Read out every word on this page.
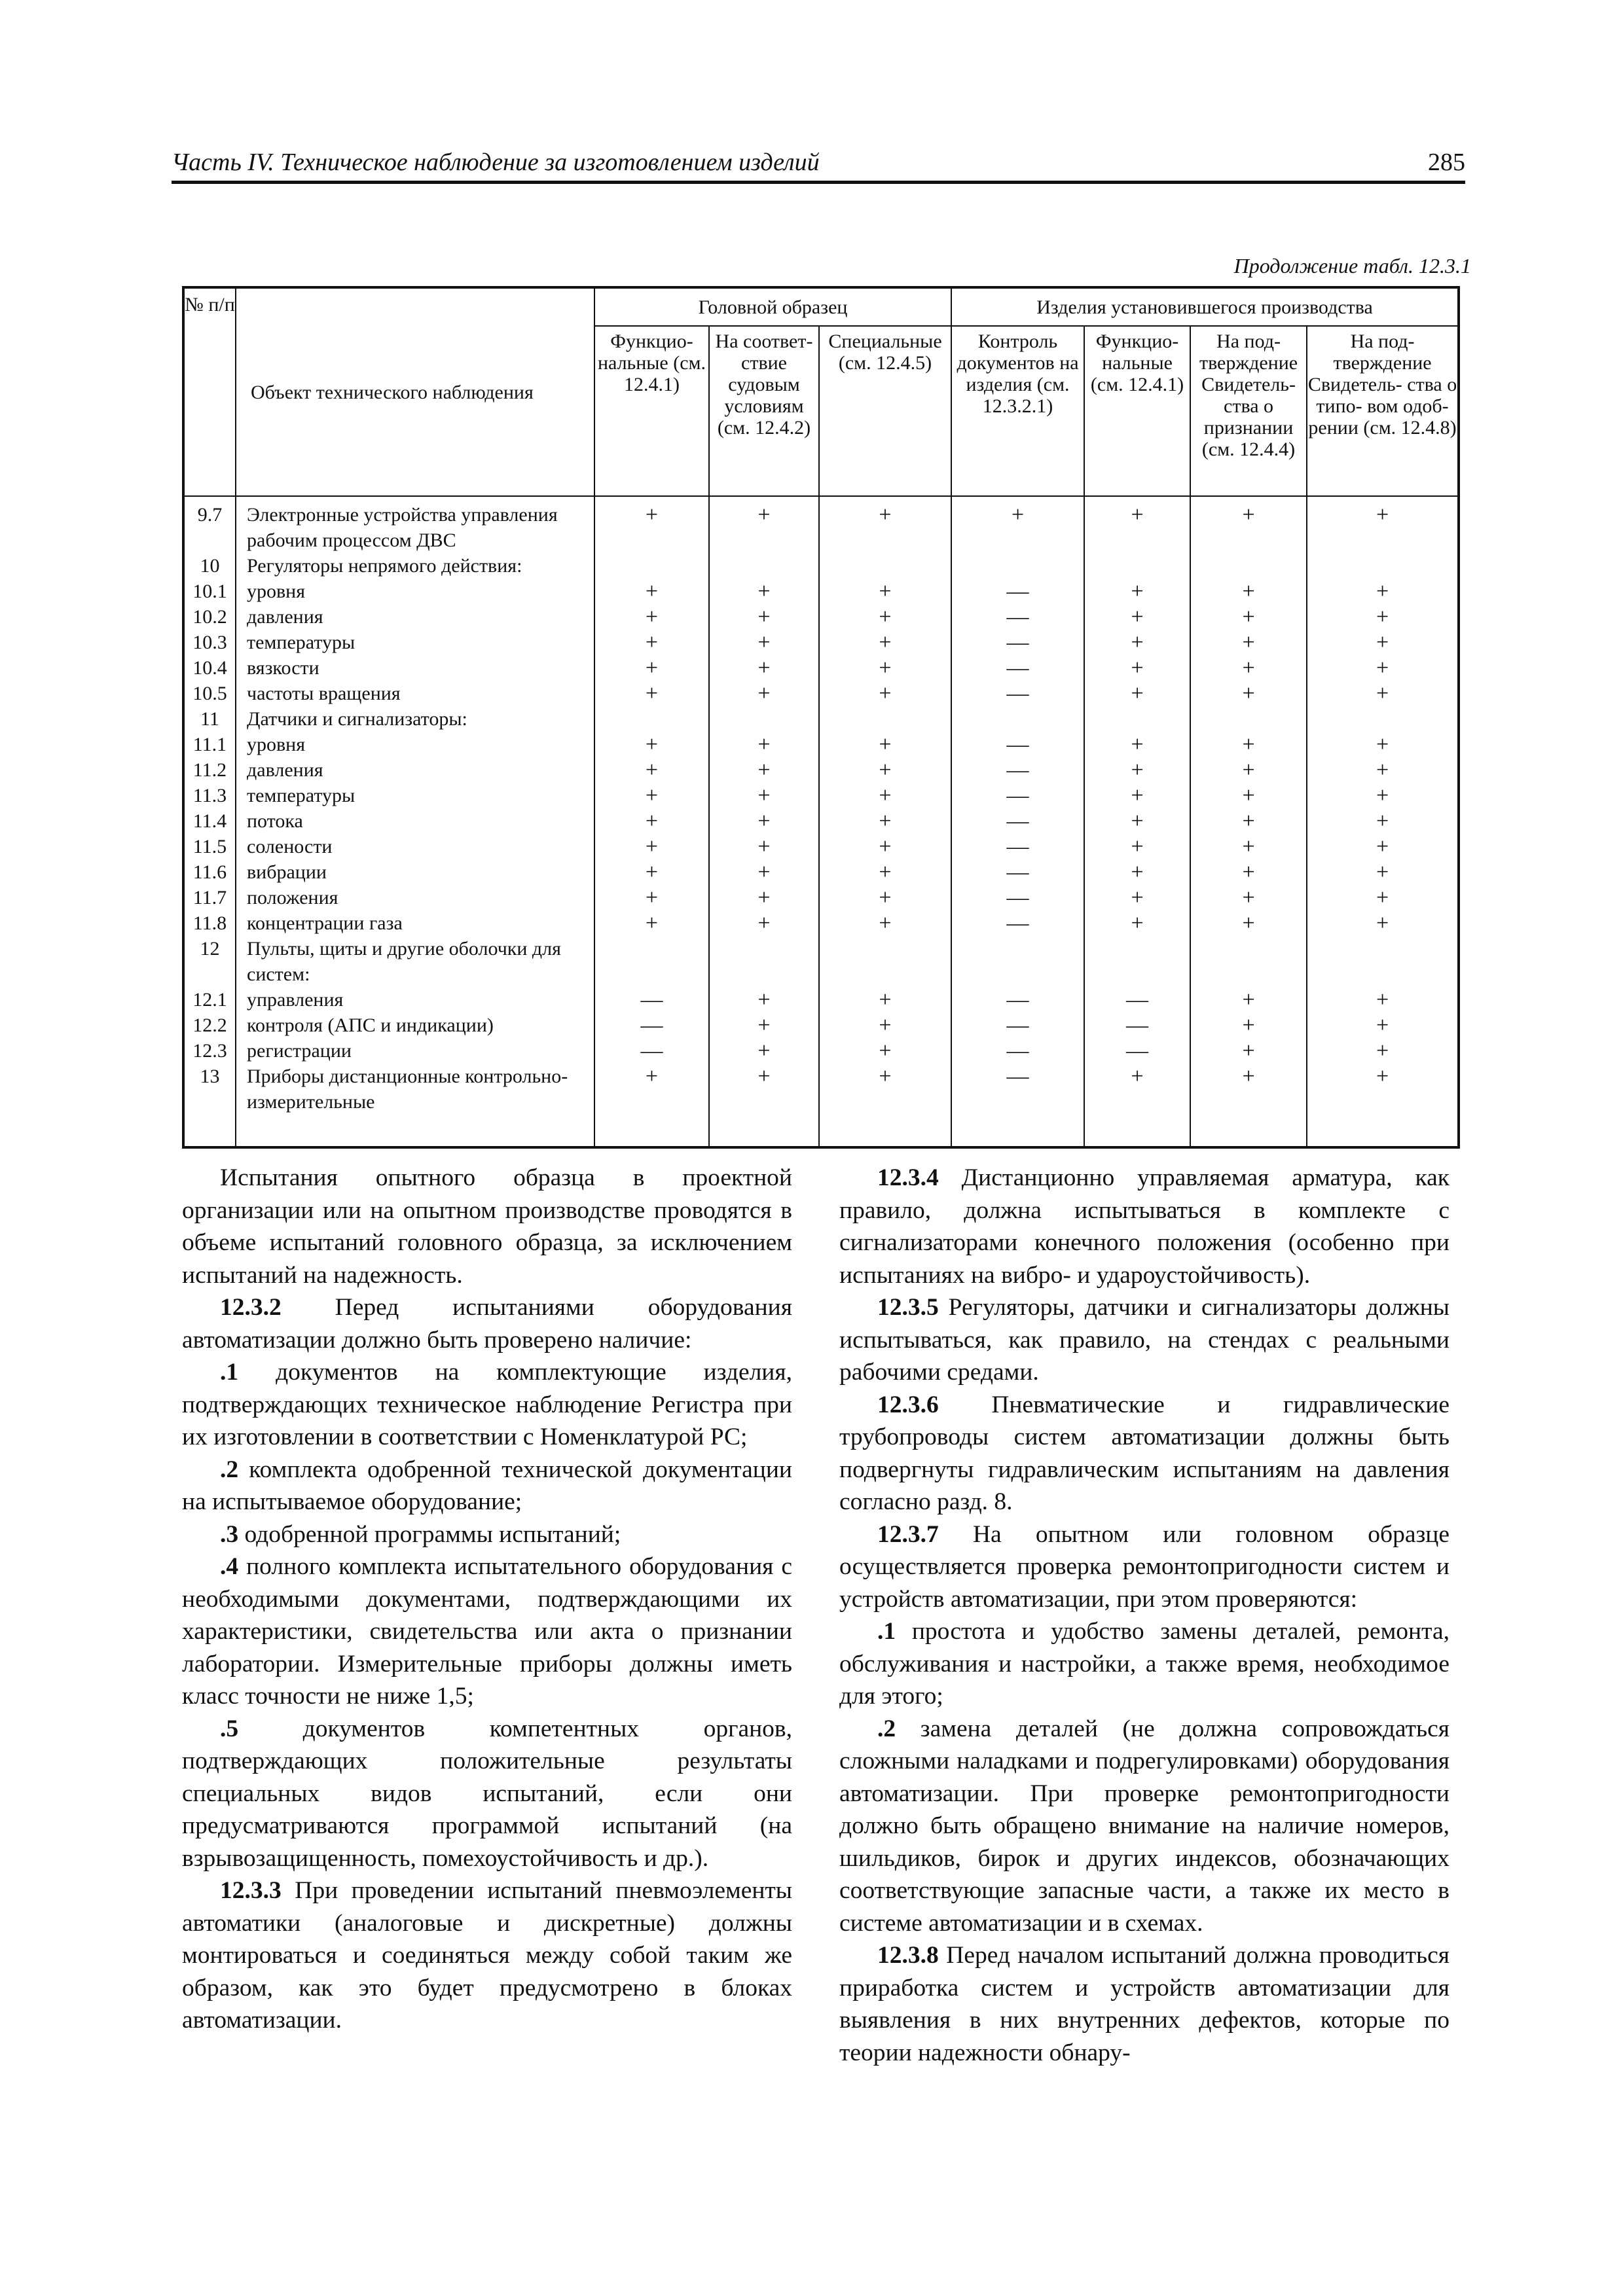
Часть IV. Техническое наблюдение за изготовлением изделий	285
Продолжение табл. 12.3.1
№ п/п	Объект технического наблюдения	Головной образец			Изделия установившегося производства			
		Функцио- нальные (см. 12.4.1)	На соответ- ствие судовым условиям (см. 12.4.2)	Специальные (см. 12.4.5)	Контроль документов на изделия (см. 12.3.2.1)	Функцио- нальные (см. 12.4.1)	На под- тверждение Свидетель- ства о признании (см. 12.4.4)	На под- тверждение Свидетель- ства о типо- вом одоб- рении (см. 12.4.8)
9.7	Электронные устройства управления рабочим процессом ДВС	+	+	+	+	+	+	+
10	Регуляторы непрямого действия:							
10.1	уровня	+	+	+	—	+	+	+
10.2	давления	+	+	+	—	+	+	+
10.3	температуры	+	+	+	—	+	+	+
10.4	вязкости	+	+	+	—	+	+	+
10.5	частоты вращения	+	+	+	—	+	+	+
11	Датчики и сигнализаторы:							
11.1	уровня	+	+	+	—	+	+	+
11.2	давления	+	+	+	—	+	+	+
11.3	температуры	+	+	+	—	+	+	+
11.4	потока	+	+	+	—	+	+	+
11.5	солености	+	+	+	—	+	+	+
11.6	вибрации	+	+	+	—	+	+	+
11.7	положения	+	+	+	—	+	+	+
11.8	концентрации газа	+	+	+	—	+	+	+
12	Пульты, щиты и другие оболочки для систем:							
12.1	управления	—	+	+	—	—	+	+
12.2	контроля (АПС и индикации)	—	+	+	—	—	+	+
12.3	регистрации	—	+	+	—	—	+	+
13	Приборы дистанционные контрольно- измерительные	+	+	+	—	+	+	+

Испытания опытного образца в проектной организации или на опытном производстве проводятся в объеме испытаний головного образца, за исключением испытаний на надежность.

12.3.2 Перед испытаниями оборудования автоматизации должно быть проверено наличие:

.1 документов на комплектующие изделия, подтверждающих техническое наблюдение Регистра при их изготовлении в соответствии с Номенклатурой РС;

.2 комплекта одобренной технической документации на испытываемое оборудование;

.3 одобренной программы испытаний;

.4 полного комплекта испытательного оборудования с необходимыми документами, подтверждающими их характеристики, свидетельства или акта о признании лаборатории. Измерительные приборы должны иметь класс точности не ниже 1,5;

.5 документов компетентных органов, подтверждающих положительные результаты специальных видов испытаний, если они предусматриваются программой испытаний (на взрывозащищенность, помехоустойчивость и др.).

12.3.3 При проведении испытаний пневмоэлементы автоматики (аналоговые и дискретные) должны монтироваться и соединяться между собой таким же образом, как это будет предусмотрено в блоках автоматизации.

12.3.4 Дистанционно управляемая арматура, как правило, должна испытываться в комплекте с сигнализаторами конечного положения (особенно при испытаниях на вибро- и удароустойчивость).

12.3.5 Регуляторы, датчики и сигнализаторы должны испытываться, как правило, на стендах с реальными рабочими средами.

12.3.6 Пневматические и гидравлические трубопроводы систем автоматизации должны быть подвергнуты гидравлическим испытаниям на давления согласно разд. 8.

12.3.7 На опытном или головном образце осуществляется проверка ремонтопригодности систем и устройств автоматизации, при этом проверяются:

.1 простота и удобство замены деталей, ремонта, обслуживания и настройки, а также время, необходимое для этого;

.2 замена деталей (не должна сопровождаться сложными наладками и подрегулировками) оборудования автоматизации. При проверке ремонтопригодности должно быть обращено внимание на наличие номеров, шильдиков, бирок и других индексов, обозначающих соответствующие запасные части, а также их место в системе автоматизации и в схемах.

12.3.8 Перед началом испытаний должна проводиться приработка систем и устройств автоматизации для выявления в них внутренних дефектов, которые по теории надежности обнару-
